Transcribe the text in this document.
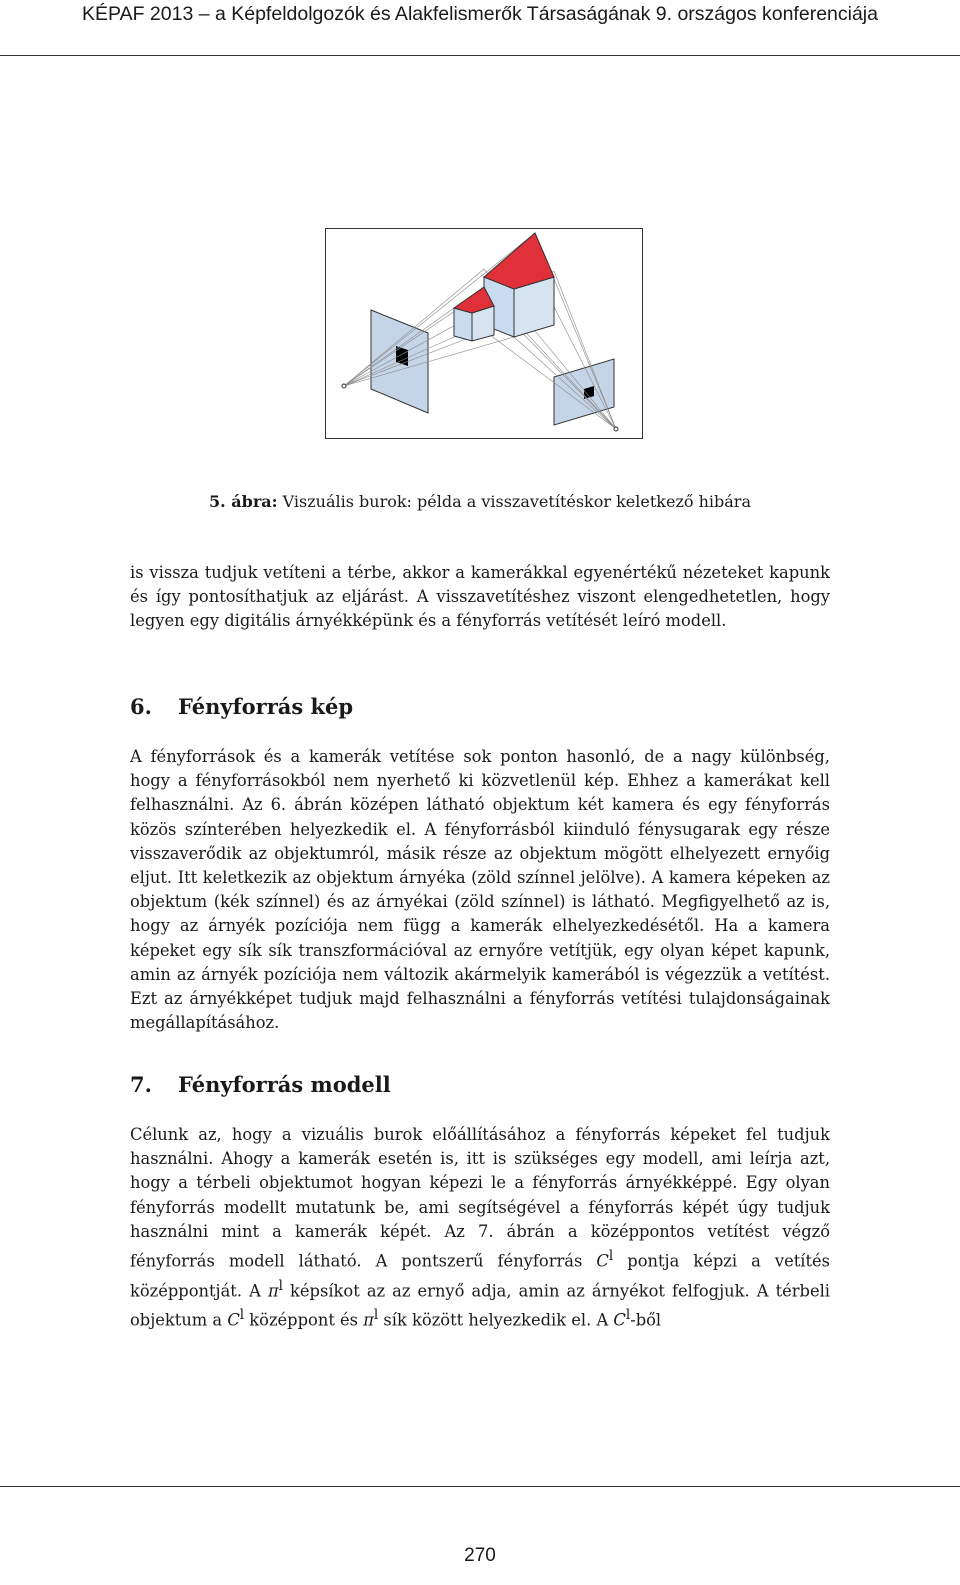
KÉPAF 2013 – a Képfeldolgozók és Alakfelismerők Társaságának 9. országos konferenciája
5. ábra: Viszuális burok: példa a visszavetítéskor keletkező hibára

is vissza tudjuk vetíteni a térbe, akkor a kamerákkal egyenértékű nézeteket kapunk és így pontosíthatjuk az eljárást. A visszavetítéshez viszont elengedhetetlen, hogy legyen egy digitális árnyékképünk és a fényforrás vetítését leíró modell.

6. Fényforrás kép

A fényforrások és a kamerák vetítése sok ponton hasonló, de a nagy különbség, hogy a fényforrásokból nem nyerhető ki közvetlenül kép. Ehhez a kamerákat kell felhasználni. Az 6. ábrán középen látható objektum két kamera és egy fényforrás közös színterében helyezkedik el. A fényforrásból kiinduló fénysugarak egy része visszaverődik az objektumról, másik része az objektum mögött elhelyezett ernyőig eljut. Itt keletkezik az objektum árnyéka (zöld színnel jelölve). A kamera képeken az objektum (kék színnel) és az árnyékai (zöld színnel) is látható. Megfigyelhető az is, hogy az árnyék pozíciója nem függ a kamerák elhelyezkedésétől. Ha a kamera képeket egy sík sík transzformációval az ernyőre vetítjük, egy olyan képet kapunk, amin az árnyék pozíciója nem változik akármelyik kamerából is végezzük a vetítést. Ezt az árnyékképet tudjuk majd felhasználni a fényforrás vetítési tulajdonságainak megállapításához.

7. Fényforrás modell

Célunk az, hogy a vizuális burok előállításához a fényforrás képeket fel tudjuk használni. Ahogy a kamerák esetén is, itt is szükséges egy modell, ami leírja azt, hogy a térbeli objektumot hogyan képezi le a fényforrás árnyékképpé. Egy olyan fényforrás modellt mutatunk be, ami segítségével a fényforrás képét úgy tudjuk használni mint a kamerák képét. Az 7. ábrán a középpontos vetítést végző fényforrás modell látható. A pontszerű fényforrás $C^l$ pontja képzi a vetítés középpontját. A $\pi^l$ képsíkot az az ernyő adja, amin az árnyékot felfogjuk. A térbeli objektum a $C^l$ középpont és $\pi^l$ sík között helyezkedik el. A $C^l$-ből

270
